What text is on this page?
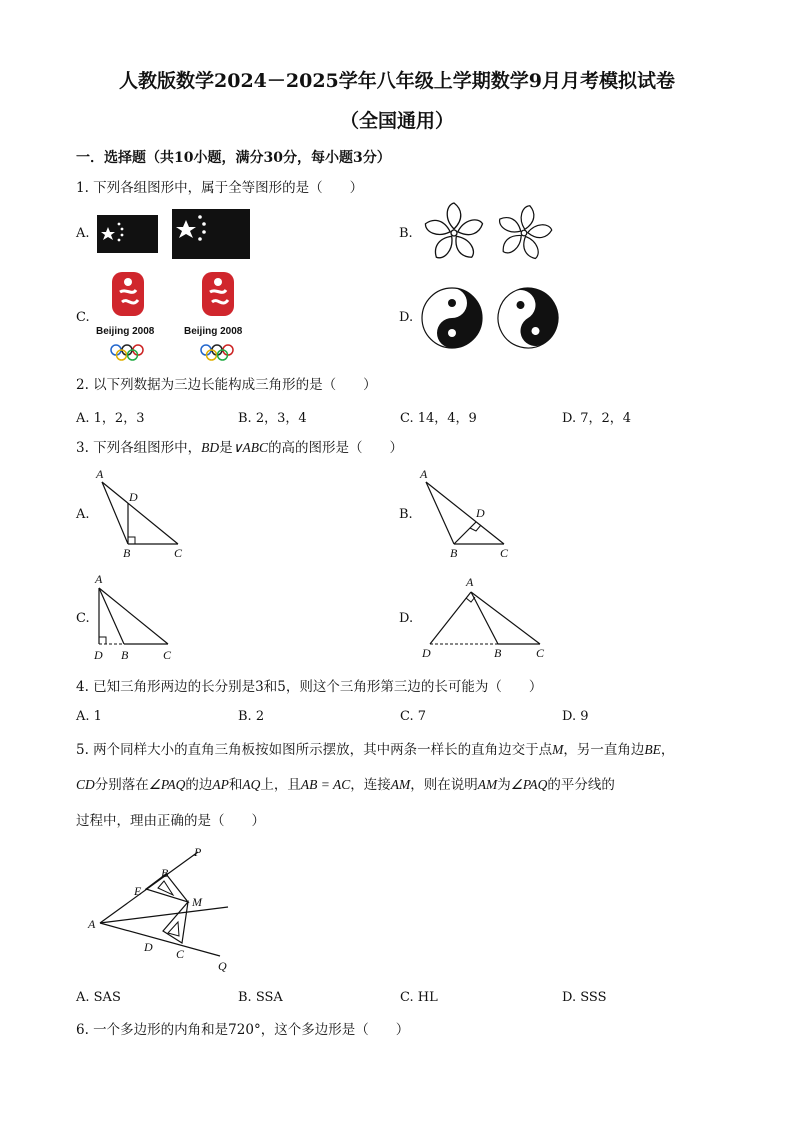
人教版数学2024－2025学年八年级上学期数学9月月考模拟试卷
（全国通用）
一．选择题（共10小题，满分30分，每小题3分）
1. 下列各组图形中，属于全等图形的是（　　）
A.	B.
C.
Beijing 2008	Beijing 2008
D.
2. 以下列数据为三边长能构成三角形的是（　　）
A. 1，2，3	B. 2，3，4	C. 14，4，9	D. 7，2，4
3. 下列各组图形中，BD是∨ABC的高的图形是（　　）
A.
A
D
B	C
B.
A
D
B	C
C.
A
D B	C
D.
A
D	B	C
4. 已知三角形两边的长分别是3和5，则这个三角形第三边的长可能为（　　）
A. 1	B. 2	C. 7	D. 9
5. 两个同样大小的直角三角板按如图所示摆放，其中两条一样长的直角边交于点M，另一直角边BE，
CD分别落在∠PAQ的边AP和AQ上，且AB = AC，连接AM，则在说明AM为∠PAQ的平分线的
过程中，理由正确的是（　　）
P
B
E
M
A
D C
Q
A. SAS	B. SSA	C. HL	D. SSS
6. 一个多边形的内角和是720°，这个多边形是（　　）
